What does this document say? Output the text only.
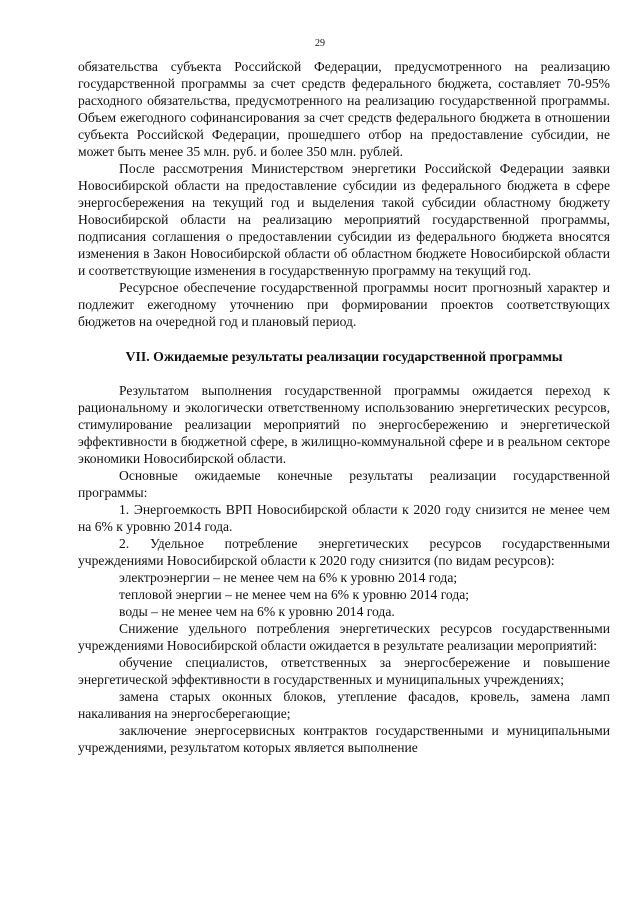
29

обязательства субъекта Российской Федерации, предусмотренного на реализацию государственной программы за счет средств федерального бюджета, составляет 70-95% расходного обязательства, предусмотренного на реализацию государственной программы. Объем ежегодного софинансирования за счет средств федерального бюджета в отношении субъекта Российской Федерации, прошедшего отбор на предоставление субсидии, не может быть менее 35 млн. руб. и более 350 млн. рублей.

После рассмотрения Министерством энергетики Российской Федерации заявки Новосибирской области на предоставление субсидии из федерального бюджета в сфере энергосбережения на текущий год и выделения такой субсидии областному бюджету Новосибирской области на реализацию мероприятий государственной программы, подписания соглашения о предоставлении субсидии из федерального бюджета вносятся изменения в Закон Новосибирской области об областном бюджете Новосибирской области и соответствующие изменения в государственную программу на текущий год.

Ресурсное обеспечение государственной программы носит прогнозный характер и подлежит ежегодному уточнению при формировании проектов соответствующих бюджетов на очередной год и плановый период.

VII. Ожидаемые результаты реализации государственной программы

Результатом выполнения государственной программы ожидается переход к рациональному и экологически ответственному использованию энергетических ресурсов, стимулирование реализации мероприятий по энергосбережению и энергетической эффективности в бюджетной сфере, в жилищно-коммунальной сфере и в реальном секторе экономики Новосибирской области.

Основные ожидаемые конечные результаты реализации государственной программы:

1. Энергоемкость ВРП Новосибирской области к 2020 году снизится не менее чем на 6% к уровню 2014 года.

2. Удельное потребление энергетических ресурсов государственными учреждениями Новосибирской области к 2020 году снизится (по видам ресурсов):

электроэнергии – не менее чем на 6% к уровню 2014 года;

тепловой энергии – не менее чем на 6% к уровню 2014 года;

воды – не менее чем на 6% к уровню 2014 года.

Снижение удельного потребления энергетических ресурсов государственными учреждениями Новосибирской области ожидается в результате реализации мероприятий:

обучение специалистов, ответственных за энергосбережение и повышение энергетической эффективности в государственных и муниципальных учреждениях;

замена старых оконных блоков, утепление фасадов, кровель, замена ламп накаливания на энергосберегающие;

заключение энергосервисных контрактов государственными и муниципальными учреждениями, результатом которых является выполнение
